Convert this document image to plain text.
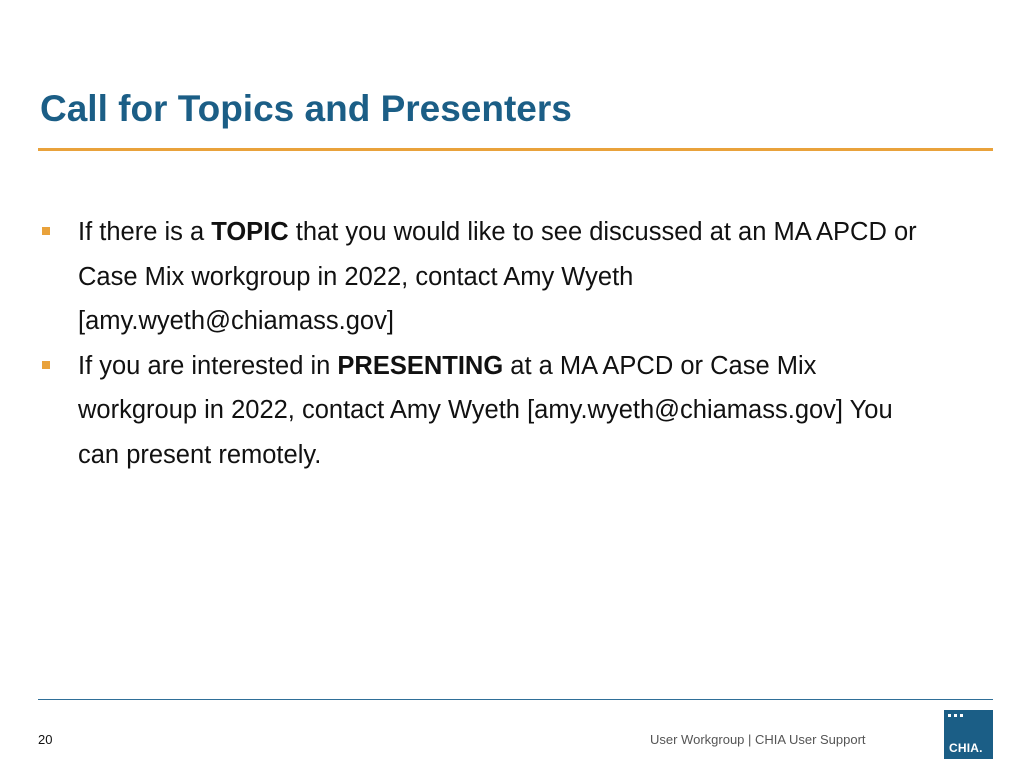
Call for Topics and Presenters
If there is a TOPIC that you would like to see discussed at an MA APCD or Case Mix workgroup in 2022, contact Amy Wyeth [amy.wyeth@chiamass.gov]
If you are interested in PRESENTING at a MA APCD or Case Mix workgroup in 2022, contact Amy Wyeth [amy.wyeth@chiamass.gov] You can present remotely.
20	User Workgroup | CHIA User Support
CHIA.
